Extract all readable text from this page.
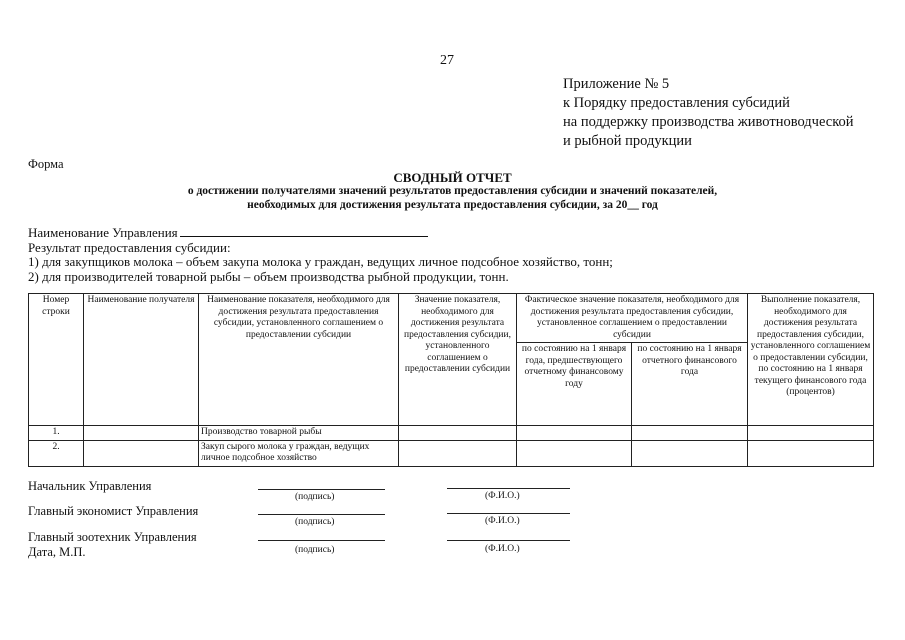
27
Приложение № 5
к Порядку предоставления субсидий
на поддержку производства животноводческой
и рыбной продукции
Форма
СВОДНЫЙ ОТЧЕТ
о достижении получателями значений результатов предоставления субсидии и значений показателей,
необходимых для достижения результата предоставления субсидии, за 20__ год
Наименование Управления
Результат предоставления субсидии:
1) для закупщиков молока – объем закупа молока у граждан, ведущих личное подсобное хозяйство, тонн;
2) для производителей товарной рыбы – объем производства рыбной продукции, тонн.
Номер строки	Наименование получателя	Наименование показателя, необходимого для достижения результата предоставления субсидии, установленного соглашением о предоставлении субсидии	Значение показателя, необходимого для достижения результата предоставления субсидии, установленного соглашением о предоставлении субсидии	Фактическое значение показателя, необходимого для достижения результата предоставления субсидии, установленное соглашением о предоставлении субсидии		Выполнение показателя, необходимого для достижения результата предоставления субсидии, установленного соглашением о предоставлении субсидии, по состоянию на 1 января текущего финансового года (процентов)
				по состоянию на 1 января года, предшествующего отчетному финансовому году	по состоянию на 1 января отчетного финансового года	
1.		Производство товарной рыбы				
2.		Закуп сырого молока у граждан, ведущих личное подсобное хозяйство				
Начальник Управления
(подпись)	(Ф.И.О.)
Главный экономист Управления
(подпись)	(Ф.И.О.)
Главный зоотехник Управления
(подпись)	(Ф.И.О.)
Дата, М.П.
